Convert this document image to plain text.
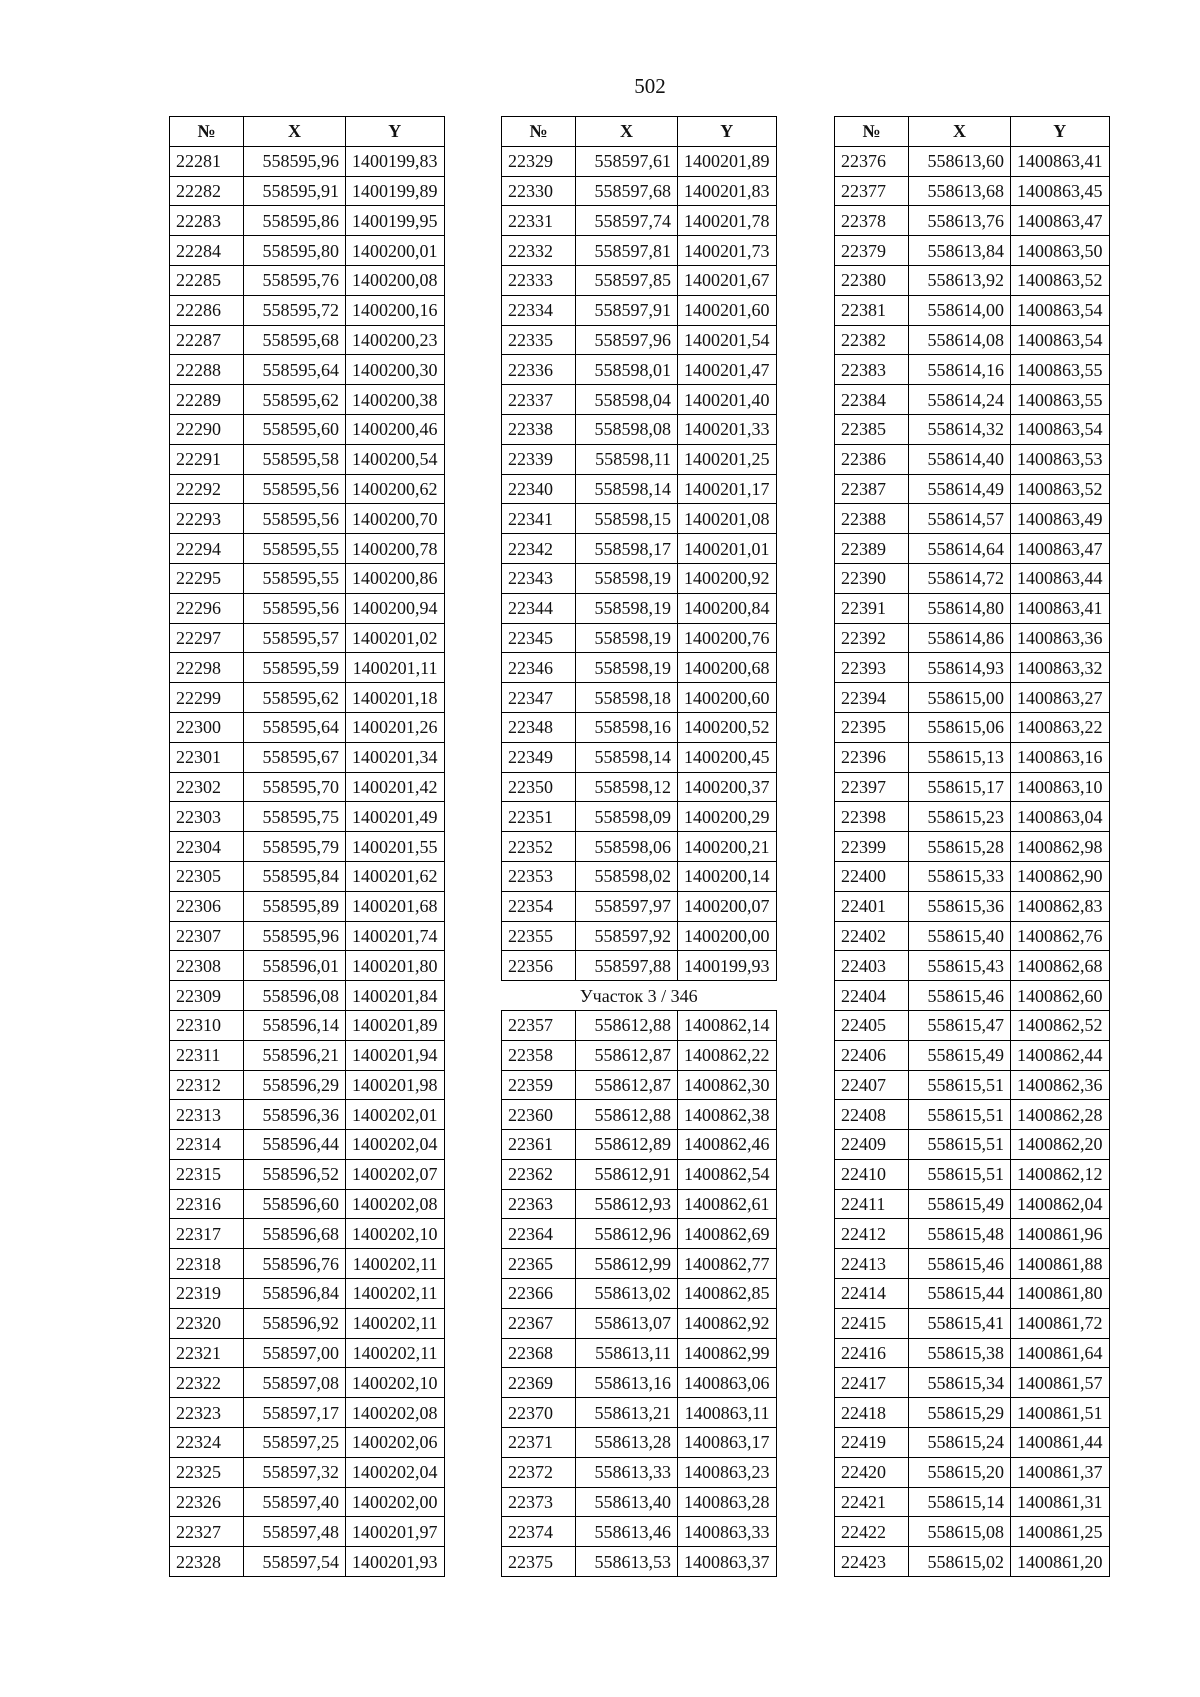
502
№	X	Y
22281	558595,96	1400199,83
22282	558595,91	1400199,89
22283	558595,86	1400199,95
22284	558595,80	1400200,01
22285	558595,76	1400200,08
22286	558595,72	1400200,16
22287	558595,68	1400200,23
22288	558595,64	1400200,30
22289	558595,62	1400200,38
22290	558595,60	1400200,46
22291	558595,58	1400200,54
22292	558595,56	1400200,62
22293	558595,56	1400200,70
22294	558595,55	1400200,78
22295	558595,55	1400200,86
22296	558595,56	1400200,94
22297	558595,57	1400201,02
22298	558595,59	1400201,11
22299	558595,62	1400201,18
22300	558595,64	1400201,26
22301	558595,67	1400201,34
22302	558595,70	1400201,42
22303	558595,75	1400201,49
22304	558595,79	1400201,55
22305	558595,84	1400201,62
22306	558595,89	1400201,68
22307	558595,96	1400201,74
22308	558596,01	1400201,80
22309	558596,08	1400201,84
22310	558596,14	1400201,89
22311	558596,21	1400201,94
22312	558596,29	1400201,98
22313	558596,36	1400202,01
22314	558596,44	1400202,04
22315	558596,52	1400202,07
22316	558596,60	1400202,08
22317	558596,68	1400202,10
22318	558596,76	1400202,11
22319	558596,84	1400202,11
22320	558596,92	1400202,11
22321	558597,00	1400202,11
22322	558597,08	1400202,10
22323	558597,17	1400202,08
22324	558597,25	1400202,06
22325	558597,32	1400202,04
22326	558597,40	1400202,00
22327	558597,48	1400201,97
22328	558597,54	1400201,93
№	X	Y
22329	558597,61	1400201,89
22330	558597,68	1400201,83
22331	558597,74	1400201,78
22332	558597,81	1400201,73
22333	558597,85	1400201,67
22334	558597,91	1400201,60
22335	558597,96	1400201,54
22336	558598,01	1400201,47
22337	558598,04	1400201,40
22338	558598,08	1400201,33
22339	558598,11	1400201,25
22340	558598,14	1400201,17
22341	558598,15	1400201,08
22342	558598,17	1400201,01
22343	558598,19	1400200,92
22344	558598,19	1400200,84
22345	558598,19	1400200,76
22346	558598,19	1400200,68
22347	558598,18	1400200,60
22348	558598,16	1400200,52
22349	558598,14	1400200,45
22350	558598,12	1400200,37
22351	558598,09	1400200,29
22352	558598,06	1400200,21
22353	558598,02	1400200,14
22354	558597,97	1400200,07
22355	558597,92	1400200,00
22356	558597,88	1400199,93
Участок 3 / 346		
22357	558612,88	1400862,14
22358	558612,87	1400862,22
22359	558612,87	1400862,30
22360	558612,88	1400862,38
22361	558612,89	1400862,46
22362	558612,91	1400862,54
22363	558612,93	1400862,61
22364	558612,96	1400862,69
22365	558612,99	1400862,77
22366	558613,02	1400862,85
22367	558613,07	1400862,92
22368	558613,11	1400862,99
22369	558613,16	1400863,06
22370	558613,21	1400863,11
22371	558613,28	1400863,17
22372	558613,33	1400863,23
22373	558613,40	1400863,28
22374	558613,46	1400863,33
22375	558613,53	1400863,37
№	X	Y
22376	558613,60	1400863,41
22377	558613,68	1400863,45
22378	558613,76	1400863,47
22379	558613,84	1400863,50
22380	558613,92	1400863,52
22381	558614,00	1400863,54
22382	558614,08	1400863,54
22383	558614,16	1400863,55
22384	558614,24	1400863,55
22385	558614,32	1400863,54
22386	558614,40	1400863,53
22387	558614,49	1400863,52
22388	558614,57	1400863,49
22389	558614,64	1400863,47
22390	558614,72	1400863,44
22391	558614,80	1400863,41
22392	558614,86	1400863,36
22393	558614,93	1400863,32
22394	558615,00	1400863,27
22395	558615,06	1400863,22
22396	558615,13	1400863,16
22397	558615,17	1400863,10
22398	558615,23	1400863,04
22399	558615,28	1400862,98
22400	558615,33	1400862,90
22401	558615,36	1400862,83
22402	558615,40	1400862,76
22403	558615,43	1400862,68
22404	558615,46	1400862,60
22405	558615,47	1400862,52
22406	558615,49	1400862,44
22407	558615,51	1400862,36
22408	558615,51	1400862,28
22409	558615,51	1400862,20
22410	558615,51	1400862,12
22411	558615,49	1400862,04
22412	558615,48	1400861,96
22413	558615,46	1400861,88
22414	558615,44	1400861,80
22415	558615,41	1400861,72
22416	558615,38	1400861,64
22417	558615,34	1400861,57
22418	558615,29	1400861,51
22419	558615,24	1400861,44
22420	558615,20	1400861,37
22421	558615,14	1400861,31
22422	558615,08	1400861,25
22423	558615,02	1400861,20
